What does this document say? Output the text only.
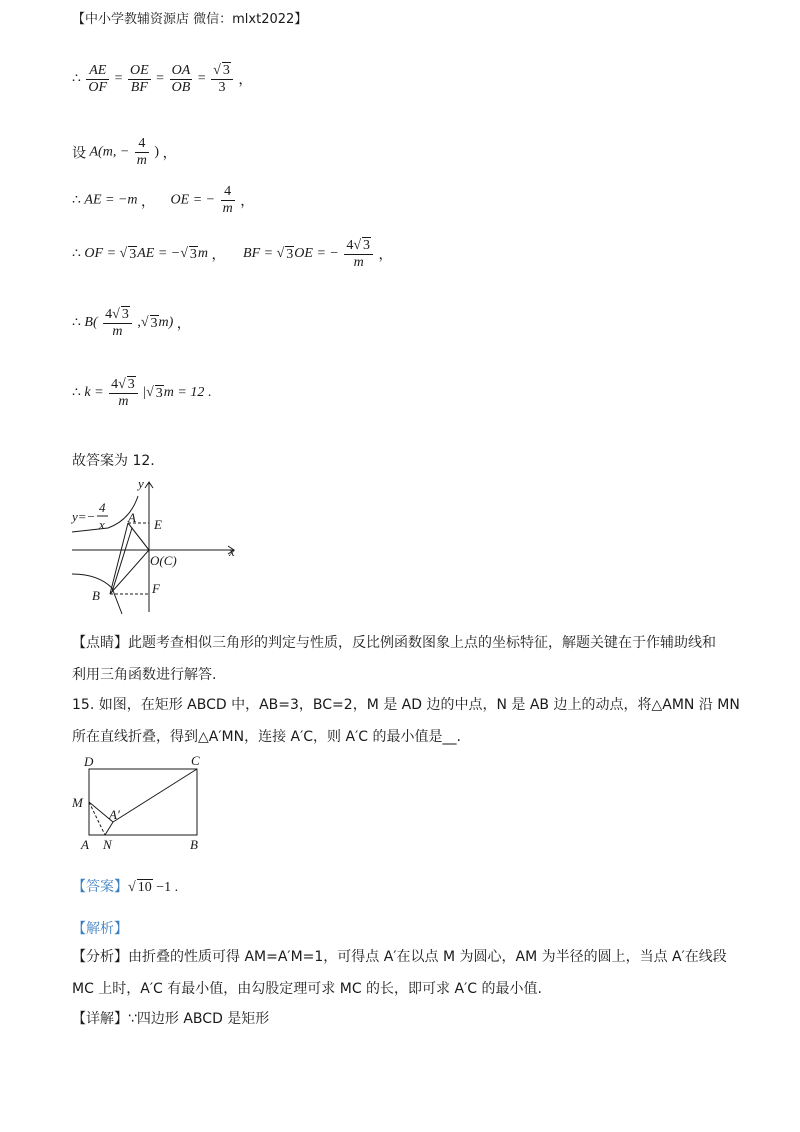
【中小学教辅资源店 微信：mlxt2022】
∴ $\frac{AE}{OF} = \frac{OE}{BF} = \frac{OA}{OB} = \frac{√ 3}{3}$ ，
设 A(m, − $\frac{4}{m}$ ) ，
∴ AE = −m ， OE = − $\frac{4}{m}$ ，
∴ OF = √ 3AE = −√ 3m ， BF = √ 3OE = − $\frac{4√ 3}{m}$ ，
∴ $B( \frac{4√ 3}{m}$ ,√ 3m) ，
∴ $k = \frac{4√ 3}{m}$ |√ 3m = 12 .
故答案为 12.
y=−
4
x
y
x
A E
O(C)
B	F
【点睛】此题考查相似三角形的判定与性质，反比例函数图象上点的坐标特征，解题关键在于作辅助线和
利用三角函数进行解答.
15. 如图，在矩形 ABCD 中，AB=3，BC=2，M 是 AD 边的中点，N 是 AB 边上的动点，将△AMN 沿 MN
所在直线折叠，得到△A′MN，连接 A′C，则 A′C 的最小值是__.
D	C
M
A′
A N	B
【答案】√ 10 −1 .
【解析】
【分析】由折叠的性质可得 AM=A′M=1，可得点 A′在以点 M 为圆心，AM 为半径的圆上，当点 A′在线段
MC 上时，A′C 有最小值，由勾股定理可求 MC 的长，即可求 A′C 的最小值.
【详解】∵四边形 ABCD 是矩形
